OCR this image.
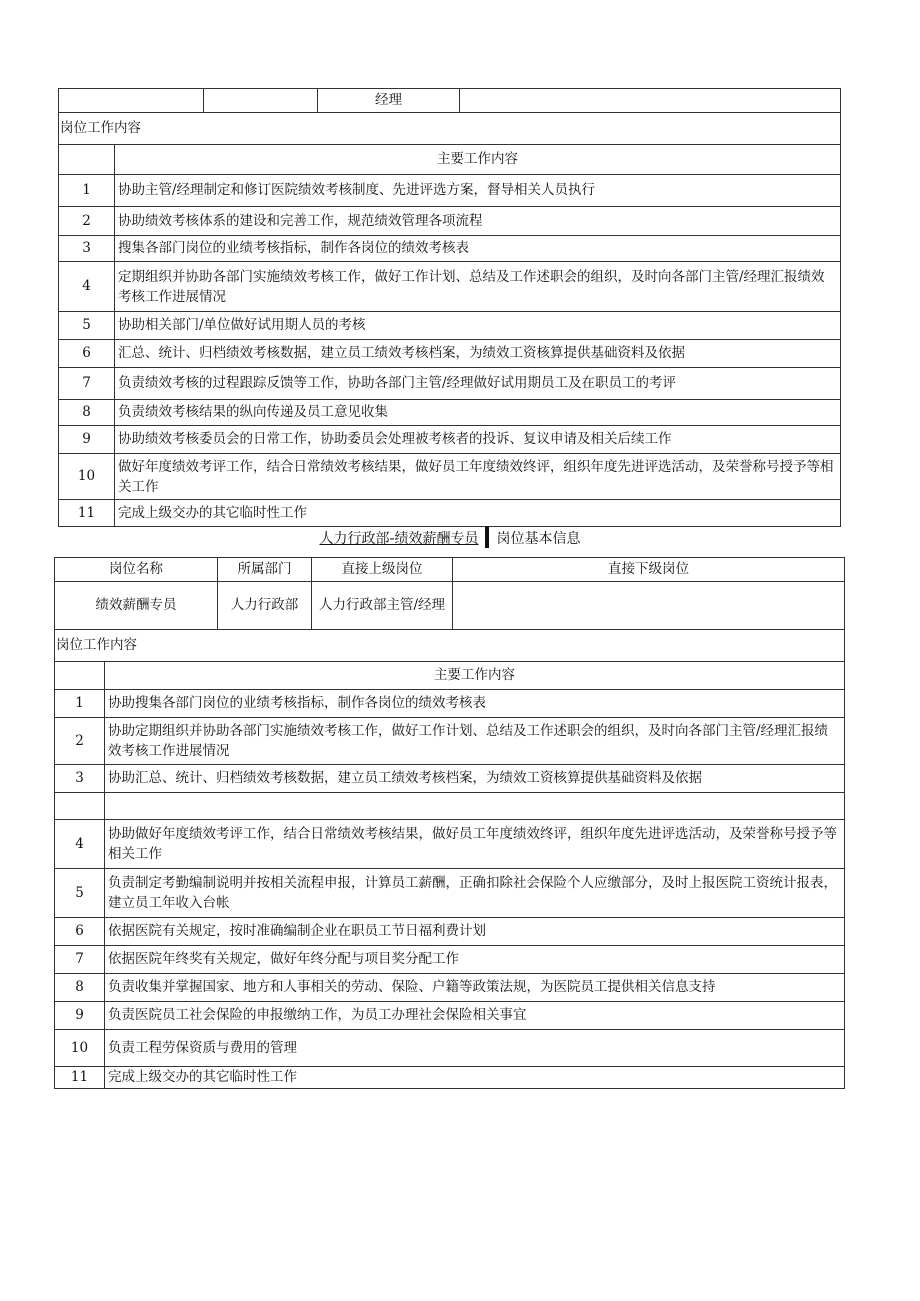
			经理	
岗位工作内容				
	主要工作内容			
1	协助主管/经理制定和修订医院绩效考核制度、先进评选方案，督导相关人员执行			
2	协助绩效考核体系的建设和完善工作，规范绩效管理各项流程			
3	搜集各部门岗位的业绩考核指标，制作各岗位的绩效考核表			
4	定期组织并协助各部门实施绩效考核工作，做好工作计划、总结及工作述职会的组织，及时向各部门主管/经理汇报绩效考核工作进展情况			
5	协助相关部门/单位做好试用期人员的考核			
6	汇总、统计、归档绩效考核数据，建立员工绩效考核档案，为绩效工资核算提供基础资料及依据			
7	负责绩效考核的过程跟踪反馈等工作，协助各部门主管/经理做好试用期员工及在职员工的考评			
8	负责绩效考核结果的纵向传递及员工意见收集			
9	协助绩效考核委员会的日常工作，协助委员会处理被考核者的投诉、复议申请及相关后续工作			
10	做好年度绩效考评工作，结合日常绩效考核结果，做好员工年度绩效终评，组织年度先进评选活动，及荣誉称号授予等相关工作			
11	完成上级交办的其它临时性工作			
人力行政部-绩效薪酬专员 岗位基本信息
岗位名称		所属部门	直接上级岗位	直接下级岗位
绩效薪酬专员		人力行政部	人力行政部主管/经理	
岗位工作内容				
	主要工作内容			
1	协助搜集各部门岗位的业绩考核指标，制作各岗位的绩效考核表			
2	协助定期组织并协助各部门实施绩效考核工作，做好工作计划、总结及工作述职会的组织，及时向各部门主管/经理汇报绩效考核工作进展情况			
3	协助汇总、统计、归档绩效考核数据，建立员工绩效考核档案，为绩效工资核算提供基础资料及依据			

4	协助做好年度绩效考评工作，结合日常绩效考核结果，做好员工年度绩效终评，组织年度先进评选活动，及荣誉称号授予等相关工作			
5	负责制定考勤编制说明并按相关流程申报，计算员工薪酬，正确扣除社会保险个人应缴部分，及时上报医院工资统计报表，建立员工年收入台帐			
6	依据医院有关规定，按时准确编制企业在职员工节日福利费计划			
7	依据医院年终奖有关规定，做好年终分配与项目奖分配工作			
8	负责收集并掌握国家、地方和人事相关的劳动、保险、户籍等政策法规，为医院员工提供相关信息支持			
9	负责医院员工社会保险的申报缴纳工作，为员工办理社会保险相关事宜			
10	负责工程劳保资质与费用的管理			
11	完成上级交办的其它临时性工作			
